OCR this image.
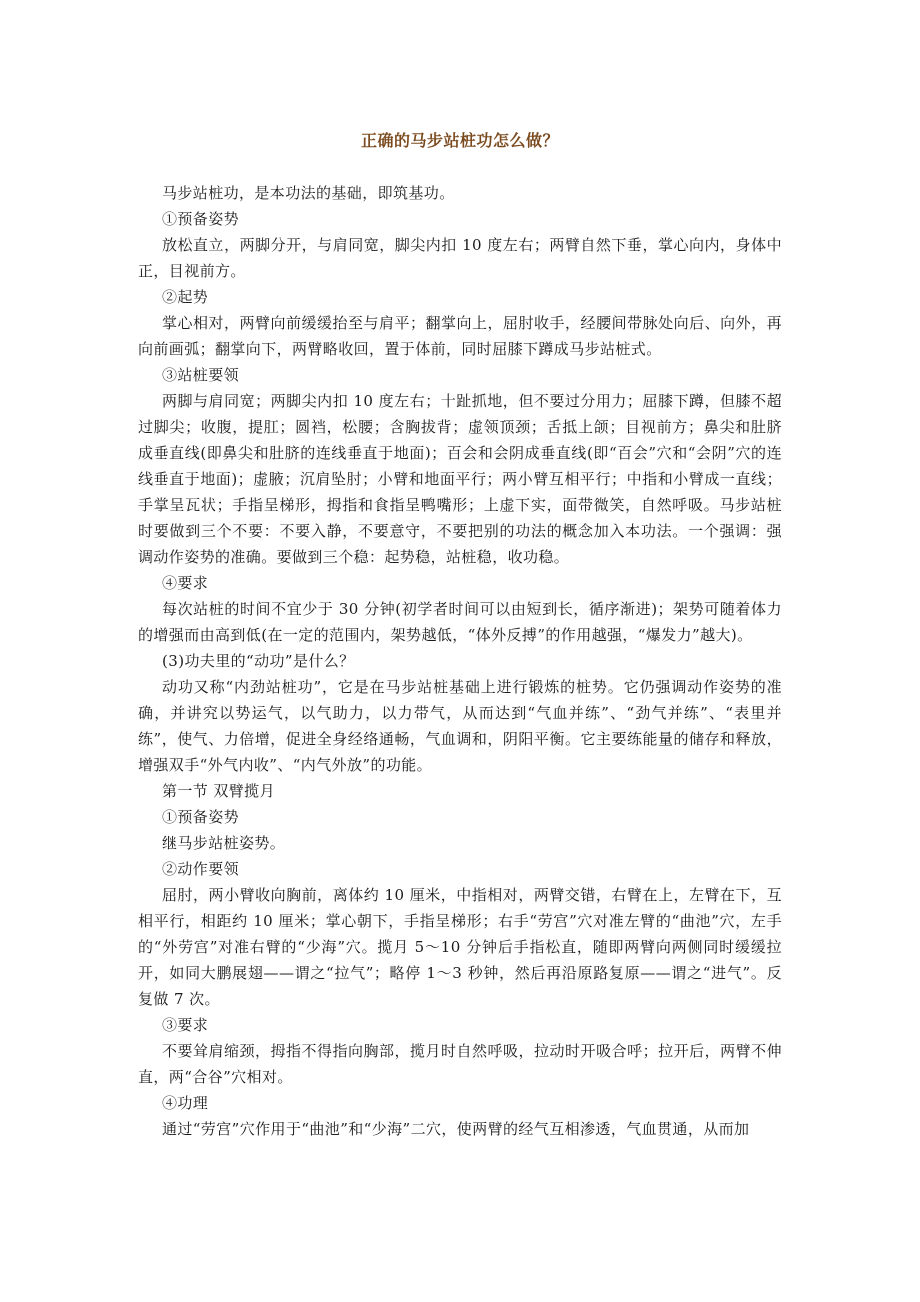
正确的马步站桩功怎么做？

马步站桩功，是本功法的基础，即筑基功。

①预备姿势

放松直立，两脚分开，与肩同宽，脚尖内扣 10 度左右；两臂自然下垂，掌心向内，身体中正，目视前方。

②起势

掌心相对，两臂向前缓缓抬至与肩平；翻掌向上，屈肘收手，经腰间带脉处向后、向外，再向前画弧；翻掌向下，两臂略收回，置于体前，同时屈膝下蹲成马步站桩式。

③站桩要领

两脚与肩同宽；两脚尖内扣 10 度左右；十趾抓地，但不要过分用力；屈膝下蹲，但膝不超过脚尖；收腹，提肛；圆裆，松腰；含胸拔背；虚领顶颈；舌抵上颌；目视前方；鼻尖和肚脐成垂直线(即鼻尖和肚脐的连线垂直于地面)；百会和会阴成垂直线(即“百会”穴和“会阴”穴的连线垂直于地面)；虚腋；沉肩坠肘；小臂和地面平行；两小臂互相平行；中指和小臂成一直线；手掌呈瓦状；手指呈梯形，拇指和食指呈鸭嘴形；上虚下实，面带微笑，自然呼吸。马步站桩时要做到三个不要：不要入静，不要意守，不要把别的功法的概念加入本功法。一个强调：强调动作姿势的准确。要做到三个稳：起势稳，站桩稳，收功稳。

④要求

每次站桩的时间不宜少于 30 分钟(初学者时间可以由短到长，循序渐进)；架势可随着体力的增强而由高到低(在一定的范围内，架势越低，“体外反搏”的作用越强，“爆发力”越大)。

(3)功夫里的“动功”是什么？

动功又称“内劲站桩功”，它是在马步站桩基础上进行锻炼的桩势。它仍强调动作姿势的准确，并讲究以势运气，以气助力，以力带气，从而达到“气血并练”、“劲气并练”、“表里并练”，使气、力倍增，促进全身经络通畅，气血调和，阴阳平衡。它主要练能量的储存和释放，增强双手“外气内收”、“内气外放”的功能。

第一节 双臂揽月

①预备姿势

继马步站桩姿势。

②动作要领

屈肘，两小臂收向胸前，离体约 10 厘米，中指相对，两臂交错，右臂在上，左臂在下，互相平行，相距约 10 厘米；掌心朝下，手指呈梯形；右手“劳宫”穴对准左臂的“曲池”穴，左手的“外劳宫”对准右臂的“少海”穴。揽月 5～10 分钟后手指松直，随即两臂向两侧同时缓缓拉开，如同大鹏展翅——谓之“拉气”；略停 1～3 秒钟，然后再沿原路复原——谓之“进气”。反复做 7 次。

③要求

不要耸肩缩颈，拇指不得指向胸部，揽月时自然呼吸，拉动时开吸合呼；拉开后，两臂不伸直，两“合谷”穴相对。

④功理

通过“劳宫”穴作用于“曲池”和“少海”二穴，使两臂的经气互相渗透，气血贯通，从而加
